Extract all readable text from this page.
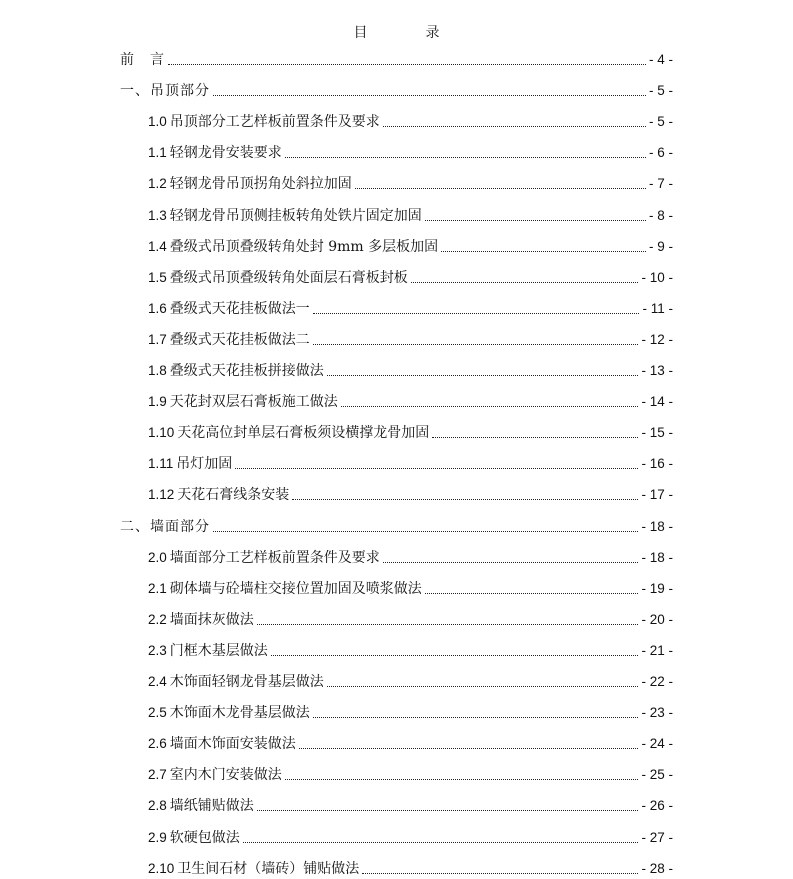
目　录
前　言	- 4 -
一、吊顶部分	- 5 -
1.0 吊顶部分工艺样板前置条件及要求	- 5 -
1.1 轻钢龙骨安装要求	- 6 -
1.2 轻钢龙骨吊顶拐角处斜拉加固	- 7 -
1.3 轻钢龙骨吊顶侧挂板转角处铁片固定加固	- 8 -
1.4 叠级式吊顶叠级转角处封 9mm 多层板加固	- 9 -
1.5 叠级式吊顶叠级转角处面层石膏板封板	- 10 -
1.6 叠级式天花挂板做法一	- 11 -
1.7 叠级式天花挂板做法二	- 12 -
1.8 叠级式天花挂板拼接做法	- 13 -
1.9 天花封双层石膏板施工做法	- 14 -
1.10 天花高位封单层石膏板须设横撑龙骨加固	- 15 -
1.11 吊灯加固	- 16 -
1.12 天花石膏线条安装	- 17 -
二、墙面部分	- 18 -
2.0 墙面部分工艺样板前置条件及要求	- 18 -
2.1 砌体墙与砼墙柱交接位置加固及喷浆做法	- 19 -
2.2 墙面抹灰做法	- 20 -
2.3 门框木基层做法	- 21 -
2.4 木饰面轻钢龙骨基层做法	- 22 -
2.5 木饰面木龙骨基层做法	- 23 -
2.6 墙面木饰面安装做法	- 24 -
2.7 室内木门安装做法	- 25 -
2.8 墙纸铺贴做法	- 26 -
2.9 软硬包做法	- 27 -
2.10 卫生间石材（墙砖）铺贴做法	- 28 -
